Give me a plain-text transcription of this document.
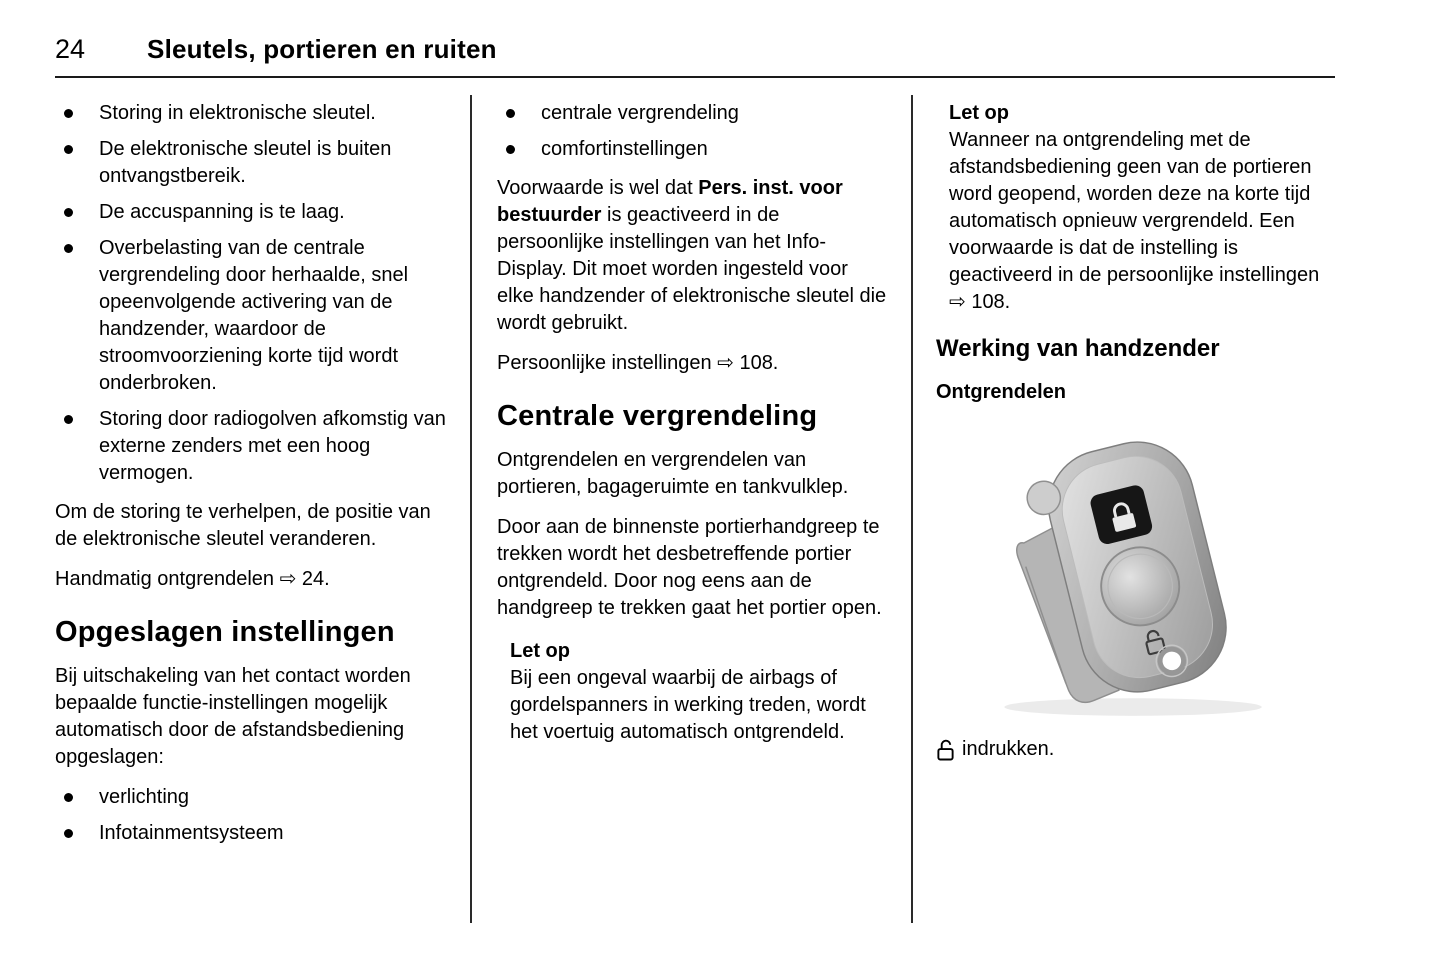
24 Sleutels, portieren en ruiten
Storing in elektronische sleutel.
De elektronische sleutel is buiten ontvangstbereik.
De accuspanning is te laag.
Overbelasting van de centrale vergrendeling door herhaalde, snel opeenvolgende activering van de handzender, waardoor de stroomvoorziening korte tijd wordt onderbroken.
Storing door radiogolven afkomstig van externe zenders met een hoog vermogen.

Om de storing te verhelpen, de positie van de elektronische sleutel veranderen.

Handmatig ontgrendelen ⇨ 24.

Opgeslagen instellingen

Bij uitschakeling van het contact worden bepaalde functie-instellingen mogelijk automatisch door de afstandsbediening opgeslagen:

verlichting
Infotainmentsysteem
centrale vergrendeling
comfortinstellingen

Voorwaarde is wel dat Pers. inst. voor bestuurder is geactiveerd in de persoonlijke instellingen van het Info-Display. Dit moet worden ingesteld voor elke handzender of elektronische sleutel die wordt gebruikt.

Persoonlijke instellingen ⇨ 108.

Centrale vergrendeling

Ontgrendelen en vergrendelen van portieren, bagageruimte en tankvulklep.

Door aan de binnenste portierhandgreep te trekken wordt het desbetreffende portier ontgrendeld. Door nog eens aan de handgreep te trekken gaat het portier open.

Let op

Bij een ongeval waarbij de airbags of gordelspanners in werking treden, wordt het voertuig automatisch ontgrendeld.

Let op

Wanneer na ontgrendeling met de afstandsbediening geen van de portieren word geopend, worden deze na korte tijd automatisch opnieuw vergrendeld. Een voorwaarde is dat de instelling is geactiveerd in de persoonlijke instellingen ⇨ 108.

Werking van handzender

Ontgrendelen

indrukken.
